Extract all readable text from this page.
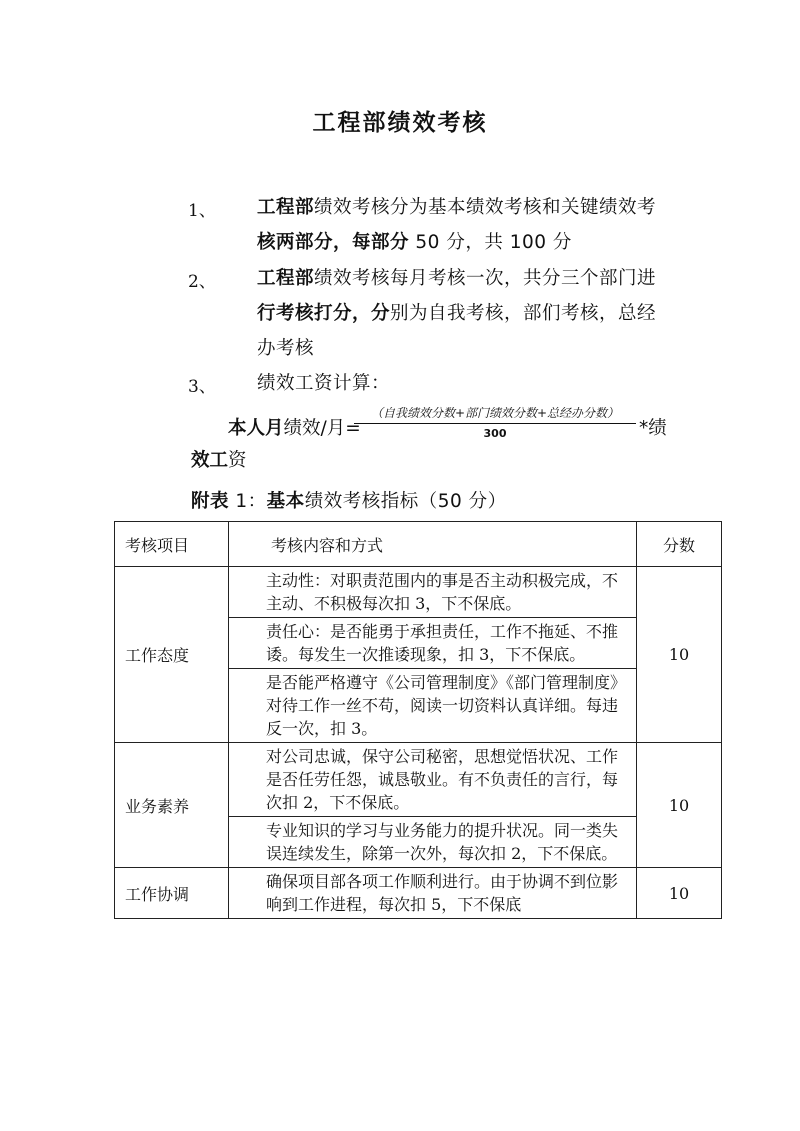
工程部绩效考核
1、 工程部绩效考核分为基本绩效考核和关键绩效考
核两部分，每部分 50 分，共 100 分
2、 工程部绩效考核每月考核一次，共分三个部门进
行考核打分，分别为自我考核，部们考核，总经
办考核
3、 绩效工资计算：
本人月绩效/月=
（自我绩效分数+部门绩效分数+总经办分数）
300	*绩
效工资
附表 1：基本绩效考核指标（50 分）
考核项目	考核内容和方式	分数
工作态度	主动性：对职责范围内的事是否主动积极完成，不主动、不积极每次扣 3，下不保底。
责任心：是否能勇于承担责任，工作不拖延、不推诿。每发生一次推诿现象，扣 3，下不保底。
是否能严格遵守《公司管理制度》《部门管理制度》对待工作一丝不苟，阅读一切资料认真详细。每违反一次，扣 3。	10
业务素养	对公司忠诚，保守公司秘密，思想觉悟状况、工作是否任劳任怨，诚恳敬业。有不负责任的言行，每次扣 2，下不保底。
专业知识的学习与业务能力的提升状况。同一类失误连续发生，除第一次外，每次扣 2，下不保底。	10
工作协调	确保项目部各项工作顺利进行。由于协调不到位影响到工作进程，每次扣 5，下不保底	10
